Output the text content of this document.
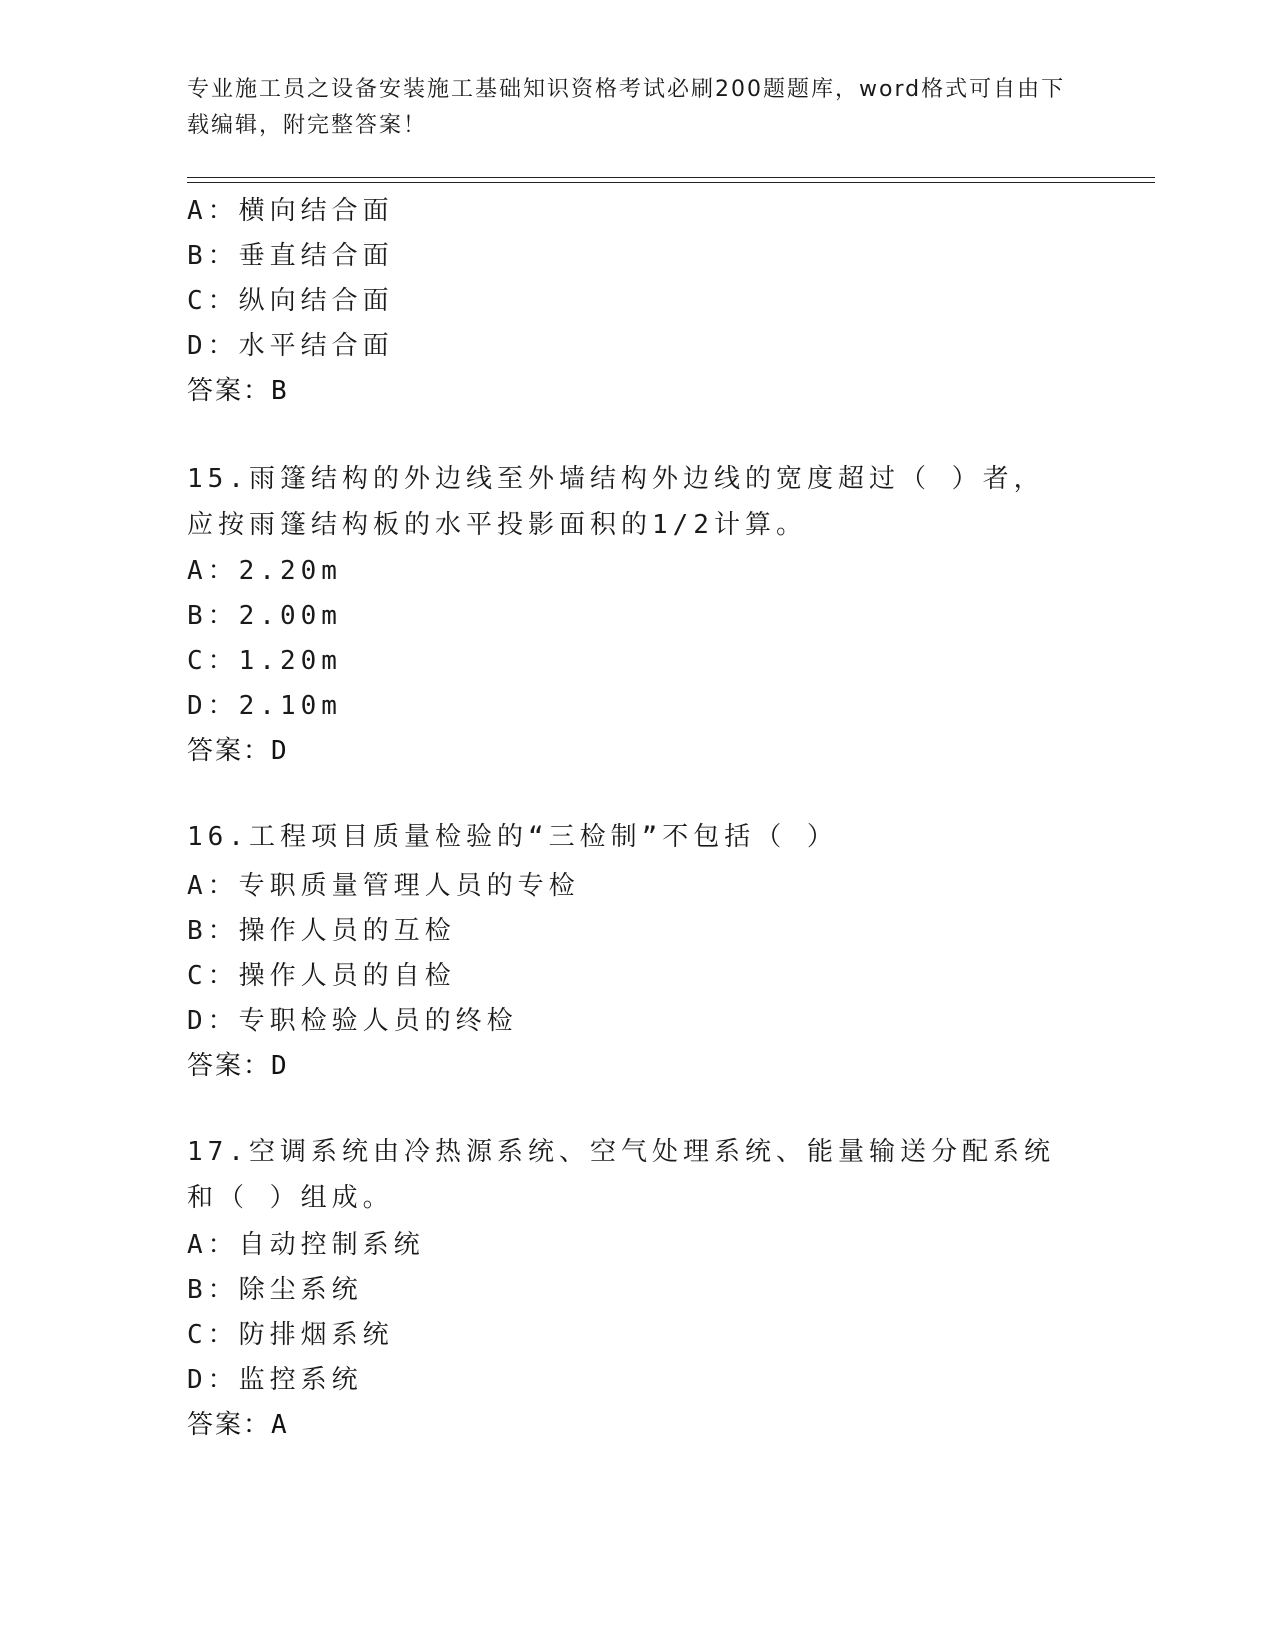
专业施工员之设备安装施工基础知识资格考试必刷200题题库，word格式可自由下载编辑，附完整答案！
A：横向结合面
B：垂直结合面
C：纵向结合面
D：水平结合面
答案：B
15.雨篷结构的外边线至外墙结构外边线的宽度超过（ ）者，应按雨篷结构板的水平投影面积的1/2计算。
A：2.20m
B：2.00m
C：1.20m
D：2.10m
答案：D
16.工程项目质量检验的“三检制”不包括（ ）
A：专职质量管理人员的专检
B：操作人员的互检
C：操作人员的自检
D：专职检验人员的终检
答案：D
17.空调系统由冷热源系统、空气处理系统、能量输送分配系统和（ ）组成。
A：自动控制系统
B：除尘系统
C：防排烟系统
D：监控系统
答案：A
